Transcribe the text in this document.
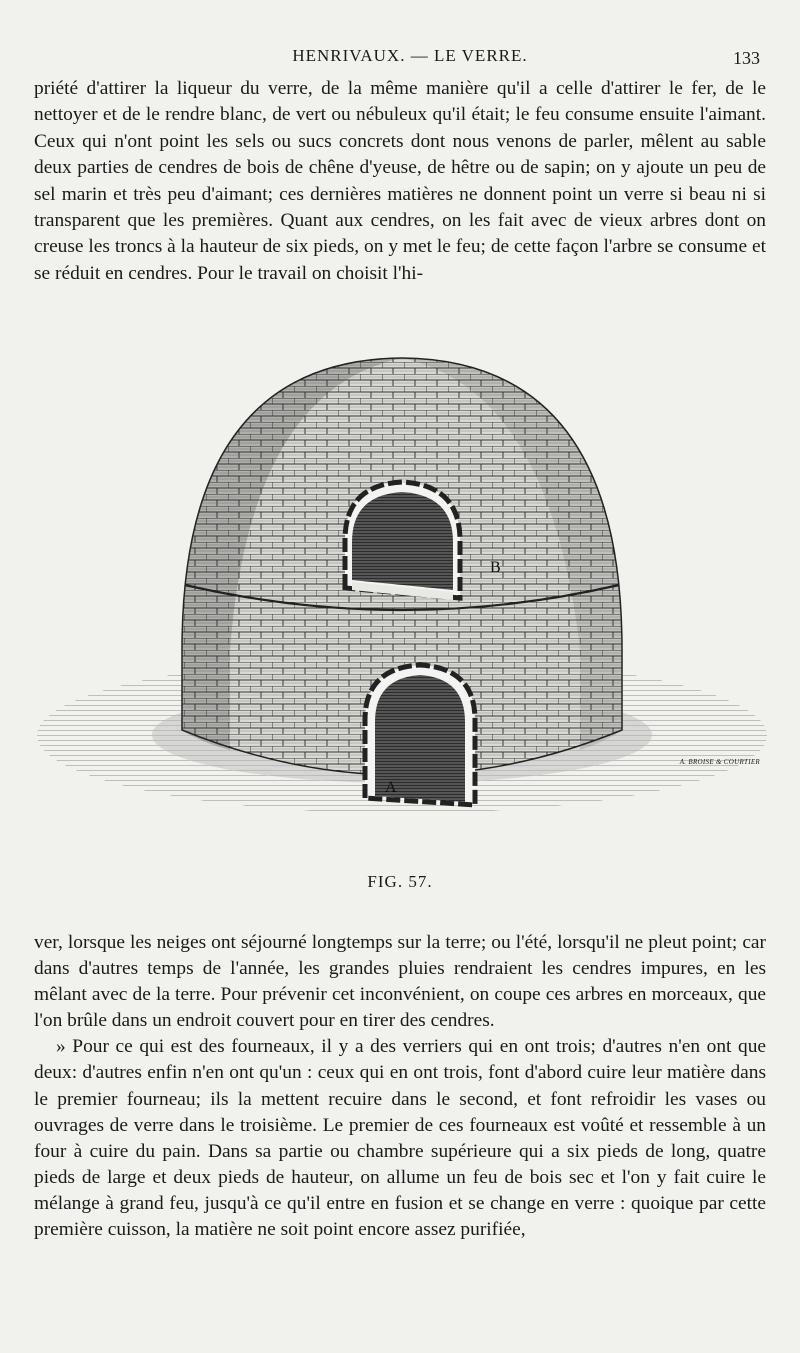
HENRIVAUX. — LE VERRE.	133

priété d'attirer la liqueur du verre, de la même manière qu'il a celle d'attirer le fer, de le nettoyer et de le rendre blanc, de vert ou nébuleux qu'il était; le feu consume ensuite l'aimant. Ceux qui n'ont point les sels ou sucs concrets dont nous venons de parler, mêlent au sable deux parties de cendres de bois de chêne d'yeuse, de hêtre ou de sapin; on y ajoute un peu de sel marin et très peu d'aimant; ces dernières matières ne donnent point un verre si beau ni si transparent que les premières. Quant aux cendres, on les fait avec de vieux arbres dont on creuse les troncs à la hauteur de six pieds, on y met le feu; de cette façon l'arbre se consume et se réduit en cendres. Pour le travail on choisit l'hi-

B
A
A. BROISE & COURTIER
FIG. 57.

ver, lorsque les neiges ont séjourné longtemps sur la terre; ou l'été, lorsqu'il ne pleut point; car dans d'autres temps de l'année, les grandes pluies rendraient les cendres impures, en les mêlant avec de la terre. Pour prévenir cet inconvénient, on coupe ces arbres en morceaux, que l'on brûle dans un endroit couvert pour en tirer des cendres.

» Pour ce qui est des fourneaux, il y a des verriers qui en ont trois; d'autres n'en ont que deux: d'autres enfin n'en ont qu'un : ceux qui en ont trois, font d'abord cuire leur matière dans le premier fourneau; ils la mettent recuire dans le second, et font refroidir les vases ou ouvrages de verre dans le troisième. Le premier de ces fourneaux est voûté et ressemble à un four à cuire du pain. Dans sa partie ou chambre supérieure qui a six pieds de long, quatre pieds de large et deux pieds de hauteur, on allume un feu de bois sec et l'on y fait cuire le mélange à grand feu, jusqu'à ce qu'il entre en fusion et se change en verre : quoique par cette première cuisson, la matière ne soit point encore assez purifiée,
